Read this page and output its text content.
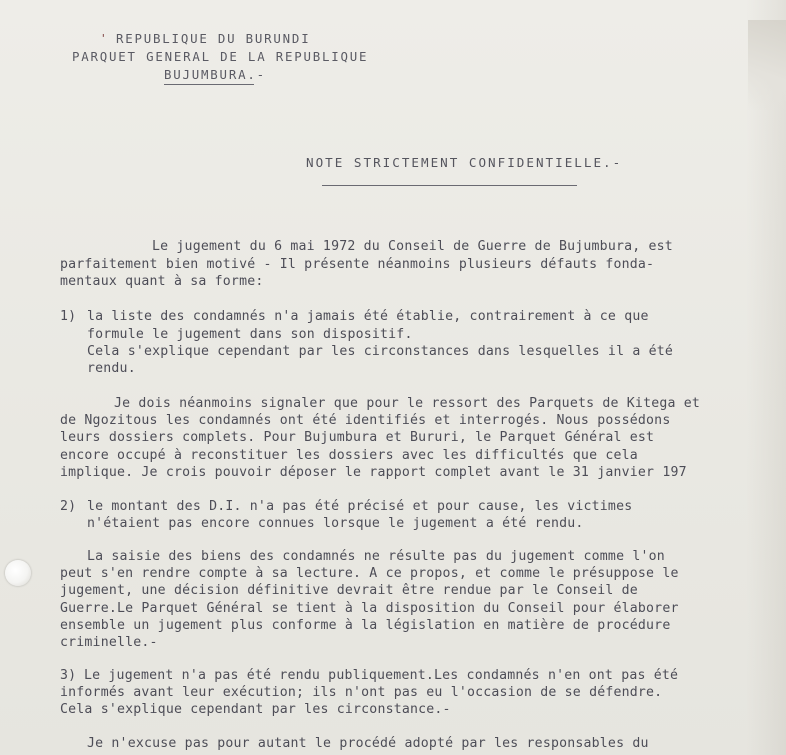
' REPUBLIQUE DU BURUNDI

PARQUET GENERAL DE LA REPUBLIQUE

BUJUMBURA.-

NOTE STRICTEMENT CONFIDENTIELLE.-

Le jugement du 6 mai 1972 du Conseil de Guerre de Bujumbura, est

parfaitement bien motivé - Il présente néanmoins plusieurs défauts fonda-

mentaux quant à sa forme:

1) la liste des condamnés n'a jamais été établie, contrairement à ce que

formule le jugement dans son dispositif.

Cela s'explique cependant par les circonstances dans lesquelles il a été

rendu.

Je dois néanmoins signaler que pour le ressort des Parquets de Kitega et

de Ngozitous les condamnés ont été identifiés et interrogés. Nous possédons

leurs dossiers complets. Pour Bujumbura et Bururi, le Parquet Général est

encore occupé à reconstituer les dossiers avec les difficultés que cela

implique. Je crois pouvoir déposer le rapport complet avant le 31 janvier 197

2) le montant des D.I. n'a pas été précisé et pour cause, les victimes

n'étaient pas encore connues lorsque le jugement a été rendu.

La saisie des biens des condamnés ne résulte pas du jugement comme l'on

peut s'en rendre compte à sa lecture. A ce propos, et comme le présuppose le

jugement, une décision définitive devrait être rendue par le Conseil de

Guerre.Le Parquet Général se tient à la disposition du Conseil pour élaborer

ensemble un jugement plus conforme à la législation en matière de procédure

criminelle.-

3) Le jugement n'a pas été rendu publiquement.Les condamnés n'en ont pas été

informés avant leur exécution; ils n'ont pas eu l'occasion de se défendre.

Cela s'explique cependant par les circonstance.-

Je n'excuse pas pour autant le procédé adopté par les responsables du
